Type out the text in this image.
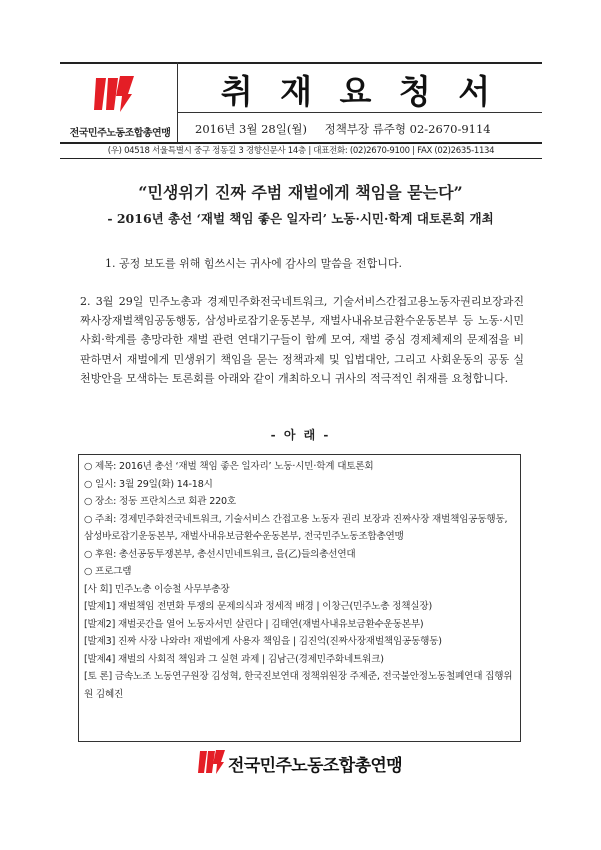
전국민주노동조합총연맹
취 재 요 청 서
2016년 3월 28일(월) 정책부장 류주형 02-2670-9114
(우) 04518 서울특별시 중구 정동길 3 경향신문사 14층 | 대표전화: (02)2670-9100 | FAX (02)2635-1134
“민생위기 진짜 주범 재벌에게 책임을 묻는다”
- 2016년 총선 ‘재벌 책임 좋은 일자리’ 노동·시민·학계 대토론회 개최
1. 공정 보도를 위해 힘쓰시는 귀사에 감사의 말씀을 전합니다.
2. 3월 29일 민주노총과 경제민주화전국네트워크, 기술서비스간접고용노동자권리보장과진짜사장재벌책임공동행동, 삼성바로잡기운동본부, 재벌사내유보금환수운동본부 등 노동·시민사회·학계를 총망라한 재벌 관련 연대기구들이 함께 모여, 재벌 중심 경제체제의 문제점을 비판하면서 재벌에게 민생위기 책임을 묻는 정책과제 및 입법대안, 그리고 사회운동의 공동 실천방안을 모색하는 토론회를 아래와 같이 개최하오니 귀사의 적극적인 취재를 요청합니다.
- 아 래 -
○ 제목: 2016년 총선 ‘재벌 책임 좋은 일자리’ 노동·시민·학계 대토론회
○ 일시: 3월 29일(화) 14-18시
○ 장소: 정동 프란치스코 회관 220호
○ 주최: 경제민주화전국네트워크, 기술서비스 간접고용 노동자 권리 보장과 진짜사장 재벌책임공동행동, 삼성바로잡기운동본부, 재벌사내유보금환수운동본부, 전국민주노동조합총연맹
○ 후원: 총선공동투쟁본부, 총선시민네트워크, 을(乙)들의총선연대
○ 프로그램
[사 회] 민주노총 이승철 사무부총장
[발제1] 재벌책임 전면화 투쟁의 문제의식과 정세적 배경 | 이창근(민주노총 정책실장)
[발제2] 재벌곳간을 열어 노동자서민 살린다 | 김태연(재벌사내유보금환수운동본부)
[발제3] 진짜 사장 나와라! 재벌에게 사용자 책임을 | 김진억(진짜사장재벌책임공동행동)
[발제4] 재벌의 사회적 책임과 그 실현 과제 | 김남근(경제민주화네트워크)
[토 론] 금속노조 노동연구원장 김성혁, 한국진보연대 정책위원장 주제준, 전국불안정노동철폐연대 집행위원 김혜진
전국민주노동조합총연맹
